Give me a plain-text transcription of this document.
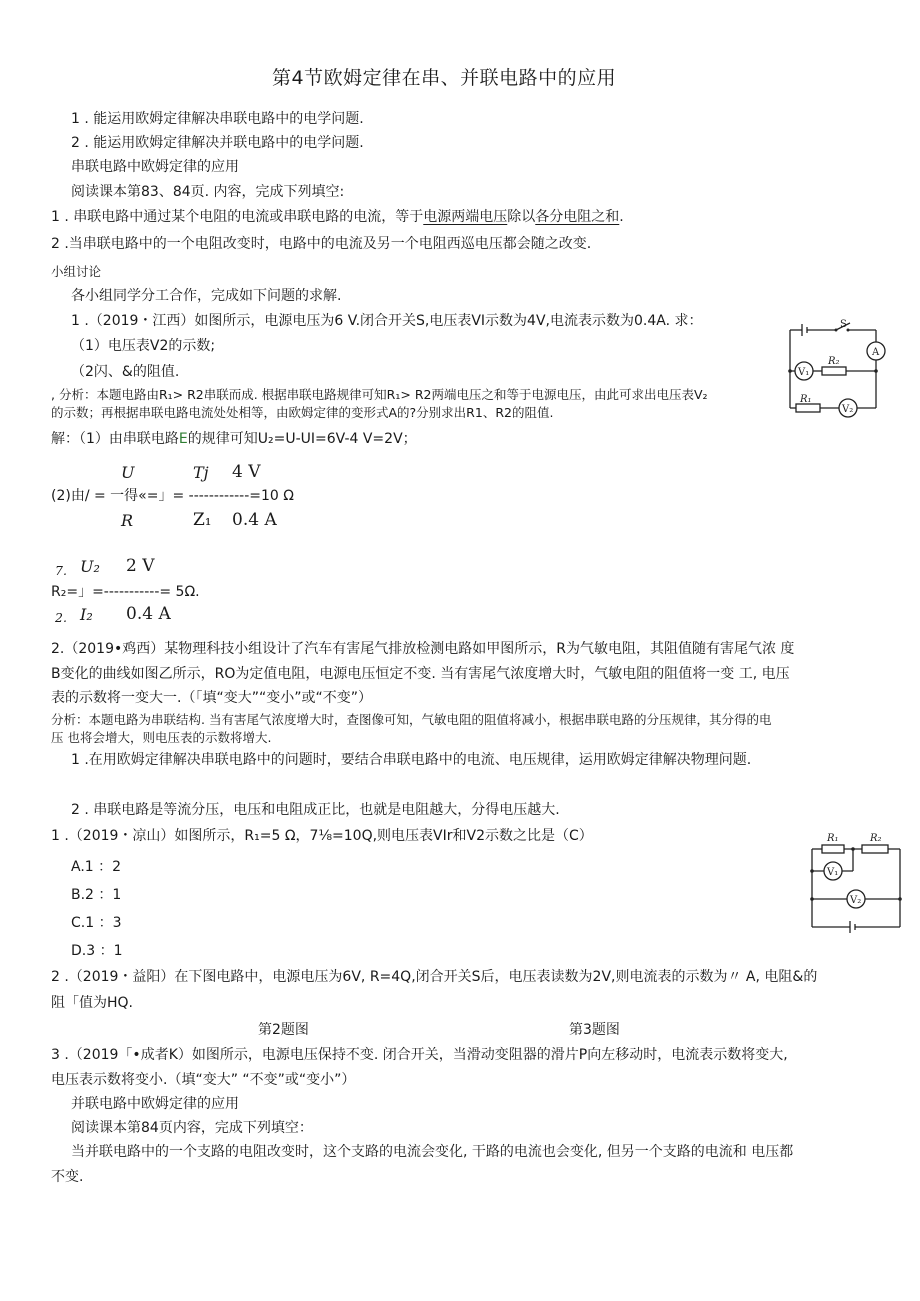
第4节欧姆定律在串、并联电路中的应用
1 . 能运用欧姆定律解决串联电路中的电学问题.
2 . 能运用欧姆定律解决并联电路中的电学问题.
串联电路中欧姆定律的应用
阅读课本第83、84页. 内容，完成下列填空:
1 . 串联电路中通过某个电阻的电流或串联电路的电流，等于电源两端电压除以各分电阻之和.
2 .当串联电路中的一个电阻改变时，电路中的电流及另一个电阻西巡电压都会随之改变.
小组讨论
各小组同学分工合作，完成如下问题的求解.
1 .（2019・江西）如图所示，电源电压为6 V.闭合开关S,电压表VI示数为4V,电流表示数为0.4A. 求：
（1）电压表V2的示数;
（2闪、&的阻值.
, 分析：本题电路由R₁> R2串联而成. 根据串联电路规律可知R₁> R2两端电压之和等于电源电压，由此可求出电压表V₂
的示数；再根据串联电路电流处处相等，由欧姆定律的变形式A的?分别求出R1、R2的阻值.
解：（1）由串联电路E的规律可知U₂=U-UI=6V-4 V=2V；
U	Tj 4 V
(2)由/ = 一得«=」= ------------=10 Ω
R	Z₁ 0.4 A
7. U₂ 2 V
R₂=」=-----------= 5Ω.
2. I₂ 0.4 A
2.（2019•鸡西）某物理科技小组设计了汽车有害尾气排放检测电路如甲图所示，R为气敏电阻，其阻值随有害尾气浓 度
B变化的曲线如图乙所示，RO为定值电阻，电源电压恒定不变. 当有害尾气浓度增大时，气敏电阻的阻值将一变 工, 电压
表的示数将一变大一.（「填“变大”“变小”或“不变”）
分析：本题电路为串联结构. 当有害尾气浓度增大时，查图像可知，气敏电阻的阻值将减小，根据串联电路的分压规律，其分得的电
压 也将会增大，则电压表的示数将增大.
1 .在用欧姆定律解决串联电路中的问题时，要结合串联电路中的电流、电压规律，运用欧姆定律解决物理问题.
2 . 串联电路是等流分压，电压和电阻成正比，也就是电阻越大，分得电压越大.
1 .（2019・凉山）如图所示，R₁=5 Ω，7⅛=10Q,则电压表VIr和V2示数之比是（C）
A.1 ：2
B.2 ：1
C.1 ：3
D.3 ：1
2 .（2019・益阳）在下图电路中，电源电压为6V, R=4Q,闭合开关S后，电压表读数为2V,则电流表的示数为〃 A, 电阻&的
阻「值为HQ.
第2题图	第3题图
3 .（2019「•成者K）如图所示，电源电压保持不变. 闭合开关，当滑动变阻器的滑片P向左移动时，电流表示数将变大,
电压表示数将变小.（填“变大” “不变”或“变小”）
并联电路中欧姆定律的应用
阅读课本第84页内容，完成下列填空：
当并联电路中的一个支路的电阻改变时，这个支路的电流会变化, 干路的电流也会变化, 但另一个支路的电流和 电压都
不变.
S
A
V₁
V₂
R₂
R₁
R₁	R₂
V₁
V₂
